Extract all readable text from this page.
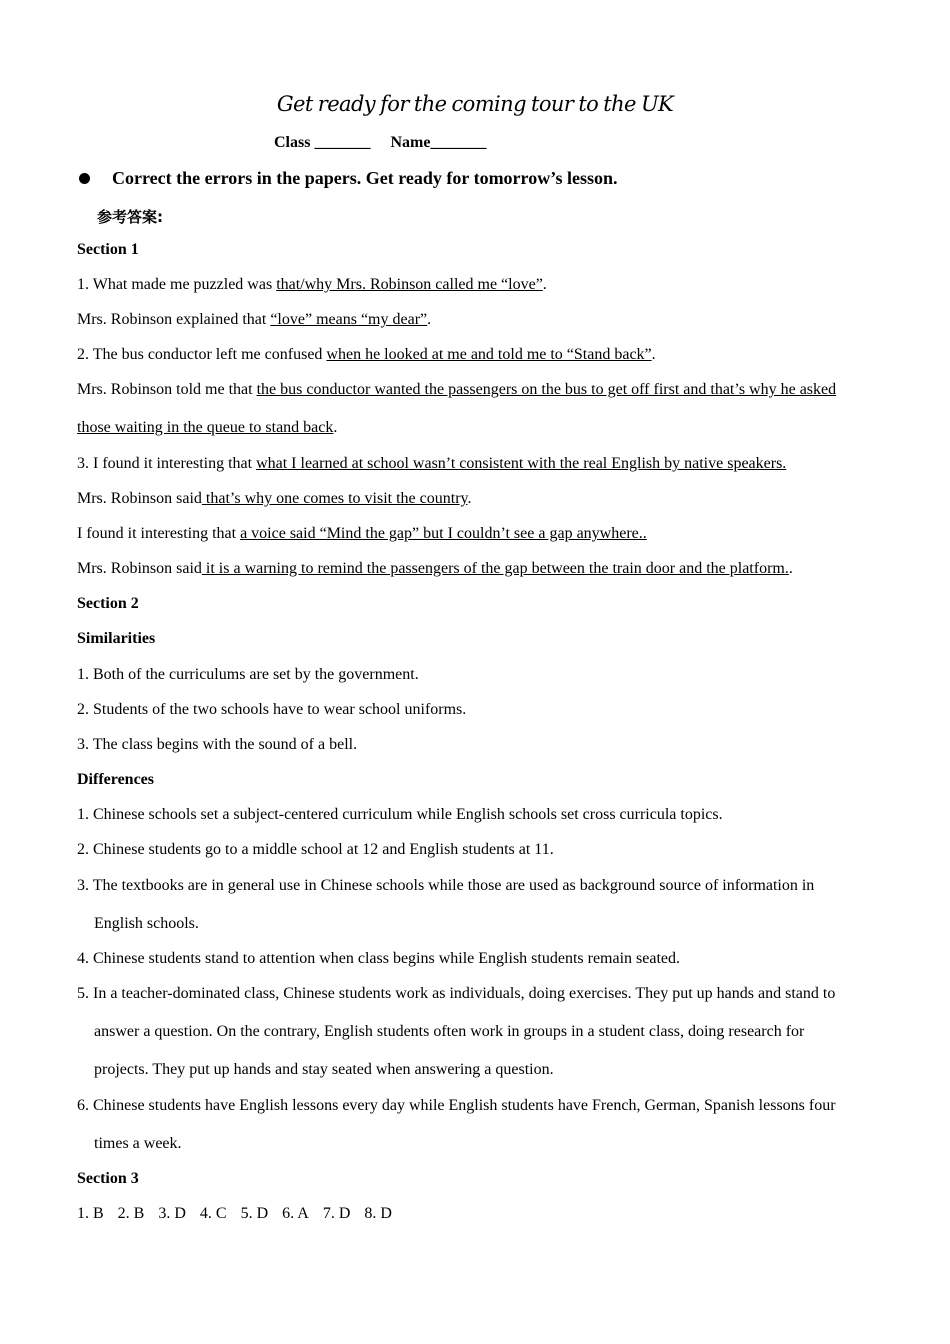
Get ready for the coming tour to the UK
Class _______ Name_______
Correct the errors in the papers. Get ready for tomorrow’s lesson.
参考答案:
Section 1
1. What made me puzzled was that/why Mrs. Robinson called me “love”.
Mrs. Robinson explained that “love” means “my dear”.
2. The bus conductor left me confused when he looked at me and told me to “Stand back”.
Mrs. Robinson told me that the bus conductor wanted the passengers on the bus to get off first and that’s why he asked
those waiting in the queue to stand back.
3. I found it interesting that what I learned at school wasn’t consistent with the real English by native speakers.
Mrs. Robinson said that’s why one comes to visit the country.
I found it interesting that a voice said “Mind the gap” but I couldn’t see a gap anywhere..
Mrs. Robinson said it is a warning to remind the passengers of the gap between the train door and the platform..
Section 2
Similarities
1. Both of the curriculums are set by the government.
2. Students of the two schools have to wear school uniforms.
3. The class begins with the sound of a bell.
Differences
1. Chinese schools set a subject-centered curriculum while English schools set cross curricula topics.
2. Chinese students go to a middle school at 12 and English students at 11.
3. The textbooks are in general use in Chinese schools while those are used as background source of information in
English schools.
4. Chinese students stand to attention when class begins while English students remain seated.
5. In a teacher-dominated class, Chinese students work as individuals, doing exercises. They put up hands and stand to
answer a question. On the contrary, English students often work in groups in a student class, doing research for
projects. They put up hands and stay seated when answering a question.
6. Chinese students have English lessons every day while English students have French, German, Spanish lessons four
times a week.
Section 3
1. B 2. B 3. D 4. C 5. D 6. A 7. D 8. D
